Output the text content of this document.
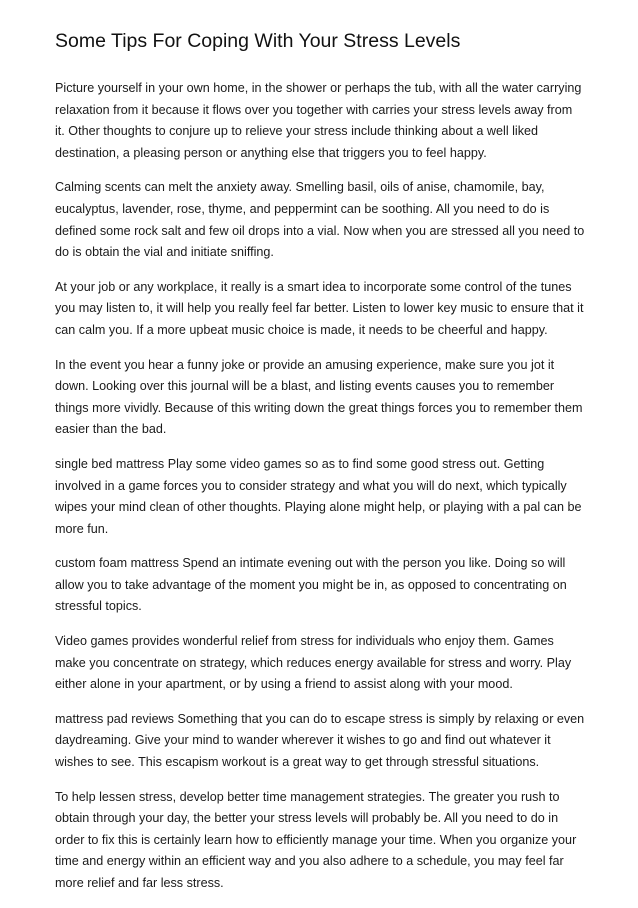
Some Tips For Coping With Your Stress Levels

Picture yourself in your own home, in the shower or perhaps the tub, with all the water carrying relaxation from it because it flows over you together with carries your stress levels away from it. Other thoughts to conjure up to relieve your stress include thinking about a well liked destination, a pleasing person or anything else that triggers you to feel happy.

Calming scents can melt the anxiety away. Smelling basil, oils of anise, chamomile, bay, eucalyptus, lavender, rose, thyme, and peppermint can be soothing. All you need to do is defined some rock salt and few oil drops into a vial. Now when you are stressed all you need to do is obtain the vial and initiate sniffing.

At your job or any workplace, it really is a smart idea to incorporate some control of the tunes you may listen to, it will help you really feel far better. Listen to lower key music to ensure that it can calm you. If a more upbeat music choice is made, it needs to be cheerful and happy.

In the event you hear a funny joke or provide an amusing experience, make sure you jot it down. Looking over this journal will be a blast, and listing events causes you to remember things more vividly. Because of this writing down the great things forces you to remember them easier than the bad.

single bed mattress Play some video games so as to find some good stress out. Getting involved in a game forces you to consider strategy and what you will do next, which typically wipes your mind clean of other thoughts. Playing alone might help, or playing with a pal can be more fun.

custom foam mattress Spend an intimate evening out with the person you like. Doing so will allow you to take advantage of the moment you might be in, as opposed to concentrating on stressful topics.

Video games provides wonderful relief from stress for individuals who enjoy them. Games make you concentrate on strategy, which reduces energy available for stress and worry. Play either alone in your apartment, or by using a friend to assist along with your mood.

mattress pad reviews Something that you can do to escape stress is simply by relaxing or even daydreaming. Give your mind to wander wherever it wishes to go and find out whatever it wishes to see. This escapism workout is a great way to get through stressful situations.

To help lessen stress, develop better time management strategies. The greater you rush to obtain through your day, the better your stress levels will probably be. All you need to do in order to fix this is certainly learn how to efficiently manage your time. When you organize your time and energy within an efficient way and you also adhere to a schedule, you may feel far more relief and far less stress.
